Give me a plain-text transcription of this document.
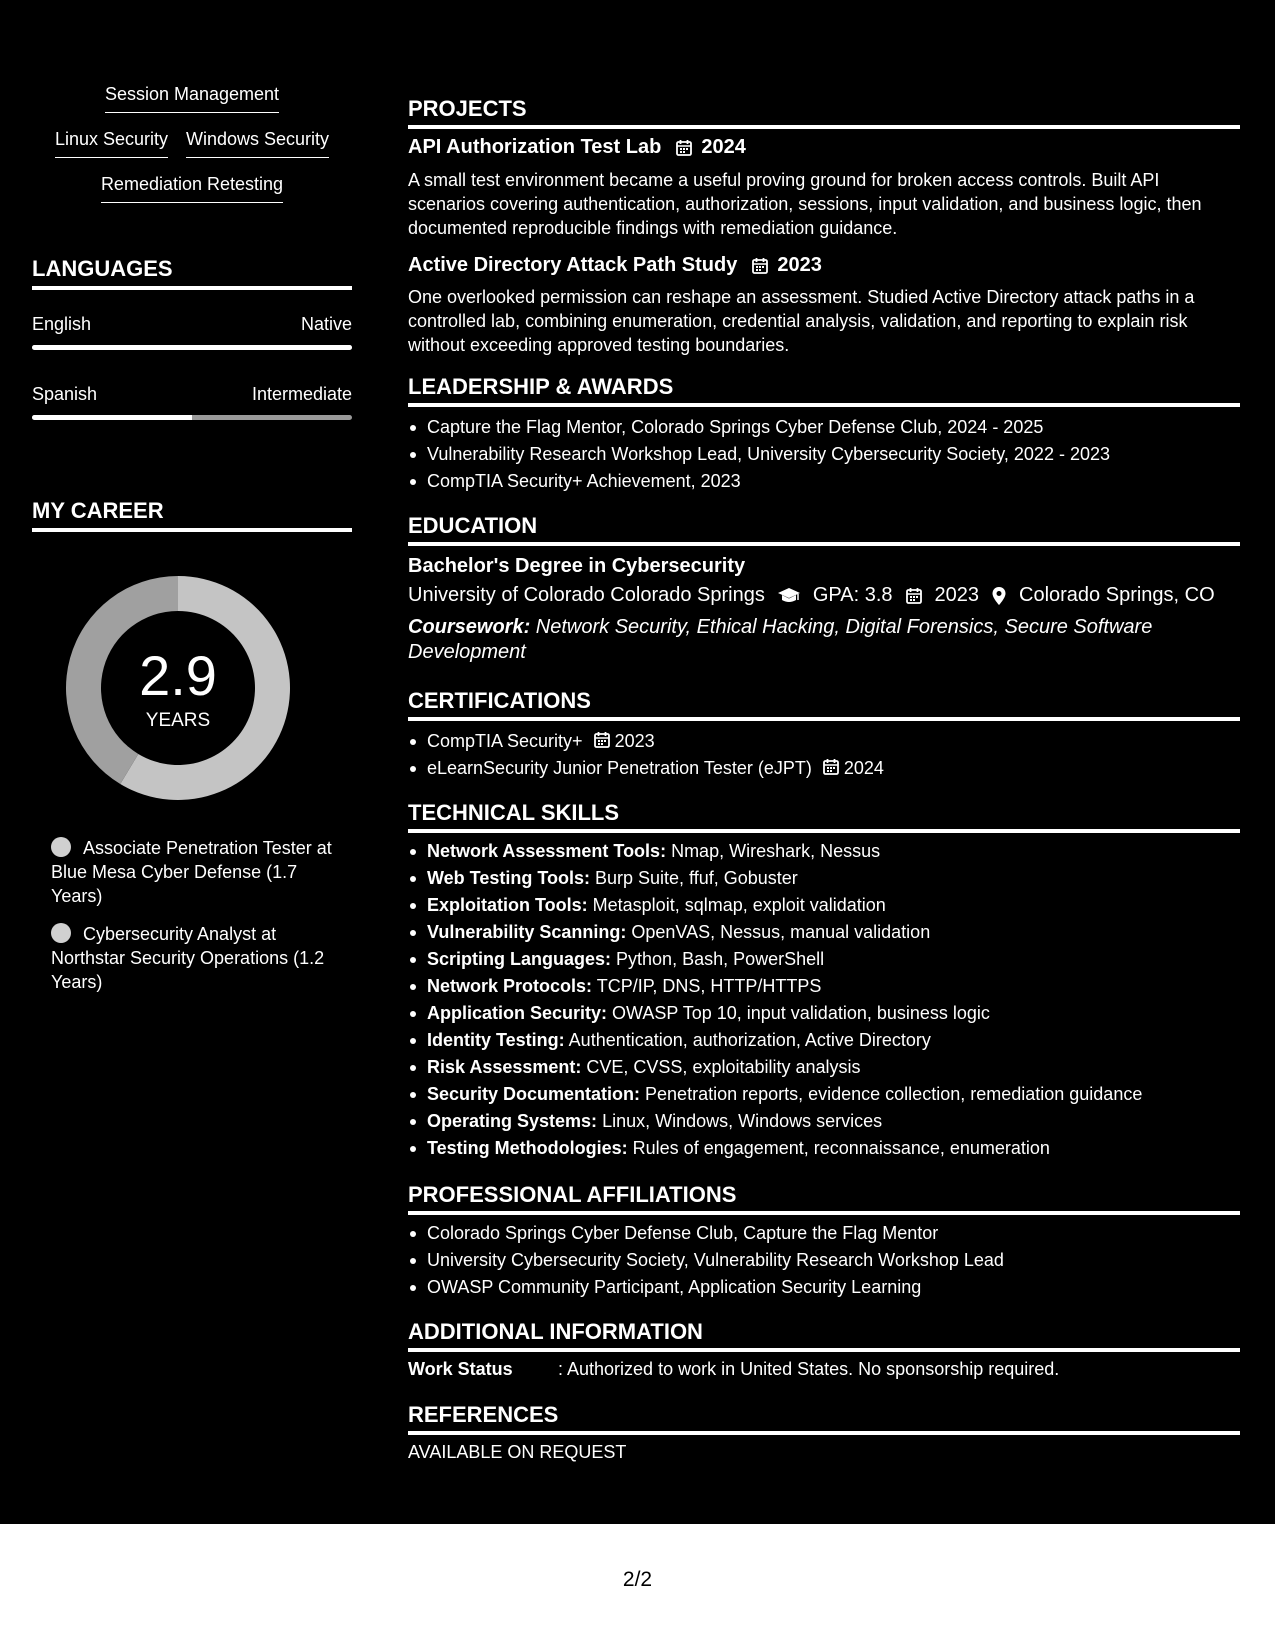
Session Management
Linux Security Windows Security
Remediation Retesting
LANGUAGES
English	Native
Spanish	Intermediate
MY CAREER
2.9
YEARS
Associate Penetration Tester at Blue Mesa Cyber Defense (1.7 Years)
Cybersecurity Analyst at Northstar Security Operations (1.2 Years)
PROJECTS
API Authorization Test Lab 2024
A small test environment became a useful proving ground for broken access controls. Built API scenarios covering authentication, authorization, sessions, input validation, and business logic, then documented reproducible findings with remediation guidance.
Active Directory Attack Path Study 2023
One overlooked permission can reshape an assessment. Studied Active Directory attack paths in a controlled lab, combining enumeration, credential analysis, validation, and reporting to explain risk without exceeding approved testing boundaries.
LEADERSHIP & AWARDS
Capture the Flag Mentor, Colorado Springs Cyber Defense Club, 2024 - 2025
Vulnerability Research Workshop Lead, University Cybersecurity Society, 2022 - 2023
CompTIA Security+ Achievement, 2023
EDUCATION
Bachelor's Degree in Cybersecurity
University of Colorado Colorado Springs GPA: 3.8 2023 Colorado Springs, CO
Coursework: Network Security, Ethical Hacking, Digital Forensics, Secure Software Development
CERTIFICATIONS
CompTIA Security+ 2023
eLearnSecurity Junior Penetration Tester (eJPT) 2024
TECHNICAL SKILLS
Network Assessment Tools: Nmap, Wireshark, Nessus
Web Testing Tools: Burp Suite, ffuf, Gobuster
Exploitation Tools: Metasploit, sqlmap, exploit validation
Vulnerability Scanning: OpenVAS, Nessus, manual validation
Scripting Languages: Python, Bash, PowerShell
Network Protocols: TCP/IP, DNS, HTTP/HTTPS
Application Security: OWASP Top 10, input validation, business logic
Identity Testing: Authentication, authorization, Active Directory
Risk Assessment: CVE, CVSS, exploitability analysis
Security Documentation: Penetration reports, evidence collection, remediation guidance
Operating Systems: Linux, Windows, Windows services
Testing Methodologies: Rules of engagement, reconnaissance, enumeration
PROFESSIONAL AFFILIATIONS
Colorado Springs Cyber Defense Club, Capture the Flag Mentor
University Cybersecurity Society, Vulnerability Research Workshop Lead
OWASP Community Participant, Application Security Learning
ADDITIONAL INFORMATION
Work Status	: Authorized to work in United States. No sponsorship required.
REFERENCES
AVAILABLE ON REQUEST
2/2
